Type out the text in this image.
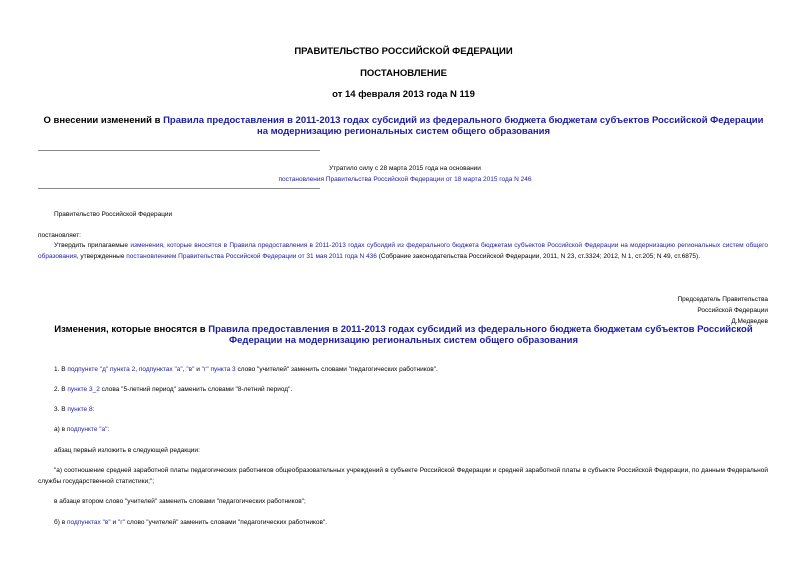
ПРАВИТЕЛЬСТВО РОССИЙСКОЙ ФЕДЕРАЦИИ
ПОСТАНОВЛЕНИЕ
от 14 февраля 2013 года N 119
О внесении изменений в Правила предоставления в 2011-2013 годах субсидий из федерального бюджета бюджетам субъектов Российской Федерации на модернизацию региональных систем общего образования
Утратило силу с 28 марта 2015 года на основании
постановления Правительства Российской Федерации от 18 марта 2015 года N 246
Правительство Российской Федерации
постановляет:
Утвердить прилагаемые изменения, которые вносятся в Правила предоставления в 2011-2013 годах субсидий из федерального бюджета бюджетам субъектов Российской Федерации на модернизацию региональных систем общего образования, утвержденные постановлением Правительства Российской Федерации от 31 мая 2011 года N 436 (Собрание законодательства Российской Федерации, 2011, N 23, ст.3324; 2012, N 1, ст.205; N 49, ст.6875).
Председатель Правительства
Российской Федерации
Д.Медведев
Изменения, которые вносятся в Правила предоставления в 2011-2013 годах субсидий из федерального бюджета бюджетам субъектов Российской Федерации на модернизацию региональных систем общего образования
1. В подпункте "д" пункта 2, подпунктах "а", "в" и "г" пункта 3 слово "учителей" заменить словами "педагогических работников".
2. В пункте 3_2 слова "5-летний период" заменить словами "8-летний период".
3. В пункте 8:
а) в подпункте "а":
абзац первый изложить в следующей редакции:
"а) соотношение средней заработной платы педагогических работников общеобразовательных учреждений в субъекте Российской Федерации и средней заработной платы в субъекте Российской Федерации, по данным Федеральной службы государственной статистики;";
в абзаце втором слово "учителей" заменить словами "педагогических работников";
б) в подпунктах "в" и "г" слово "учителей" заменить словами "педагогических работников".
